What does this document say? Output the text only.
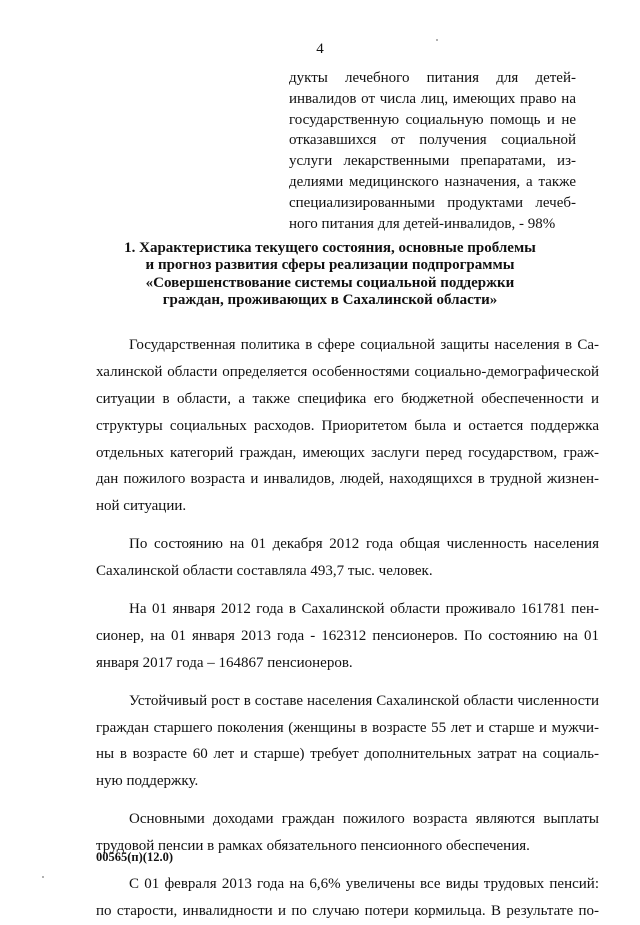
4
дукты лечебного питания для детей-
инвалидов от числа лиц, имеющих право на
государственную социальную помощь и не
отказавшихся от получения социальной
услуги лекарственными препаратами, из-
делиями медицинского назначения, а также
специализированными продуктами лечеб-
ного питания для детей-инвалидов, - 98%
1. Характеристика текущего состояния, основные проблемы
и прогноз развития сферы реализации подпрограммы
«Совершенствование системы социальной поддержки
граждан, проживающих в Сахалинской области»
Государственная политика в сфере социальной защиты населения в Са-
халинской области определяется особенностями социально-демографической
ситуации в области, а также специфика его бюджетной обеспеченности и
структуры социальных расходов. Приоритетом была и остается поддержка
отдельных категорий граждан, имеющих заслуги перед государством, граж-
дан пожилого возраста и инвалидов, людей, находящихся в трудной жизнен-
ной ситуации.
По состоянию на 01 декабря 2012 года общая численность населения
Сахалинской области составляла 493,7 тыс. человек.
На 01 января 2012 года в Сахалинской области проживало 161781 пен-
сионер, на 01 января 2013 года - 162312 пенсионеров. По состоянию на 01
января 2017 года – 164867 пенсионеров.
Устойчивый рост в составе населения Сахалинской области численности
граждан старшего поколения (женщины в возрасте 55 лет и старше и мужчи-
ны в возрасте 60 лет и старше) требует дополнительных затрат на социаль-
ную поддержку.
Основными доходами граждан пожилого возраста являются выплаты
трудовой пенсии в рамках обязательного пенсионного обеспечения.
С 01 февраля 2013 года на 6,6% увеличены все виды трудовых пенсий:
по старости, инвалидности и по случаю потери кормильца. В результате по-
00565(п)(12.0)
